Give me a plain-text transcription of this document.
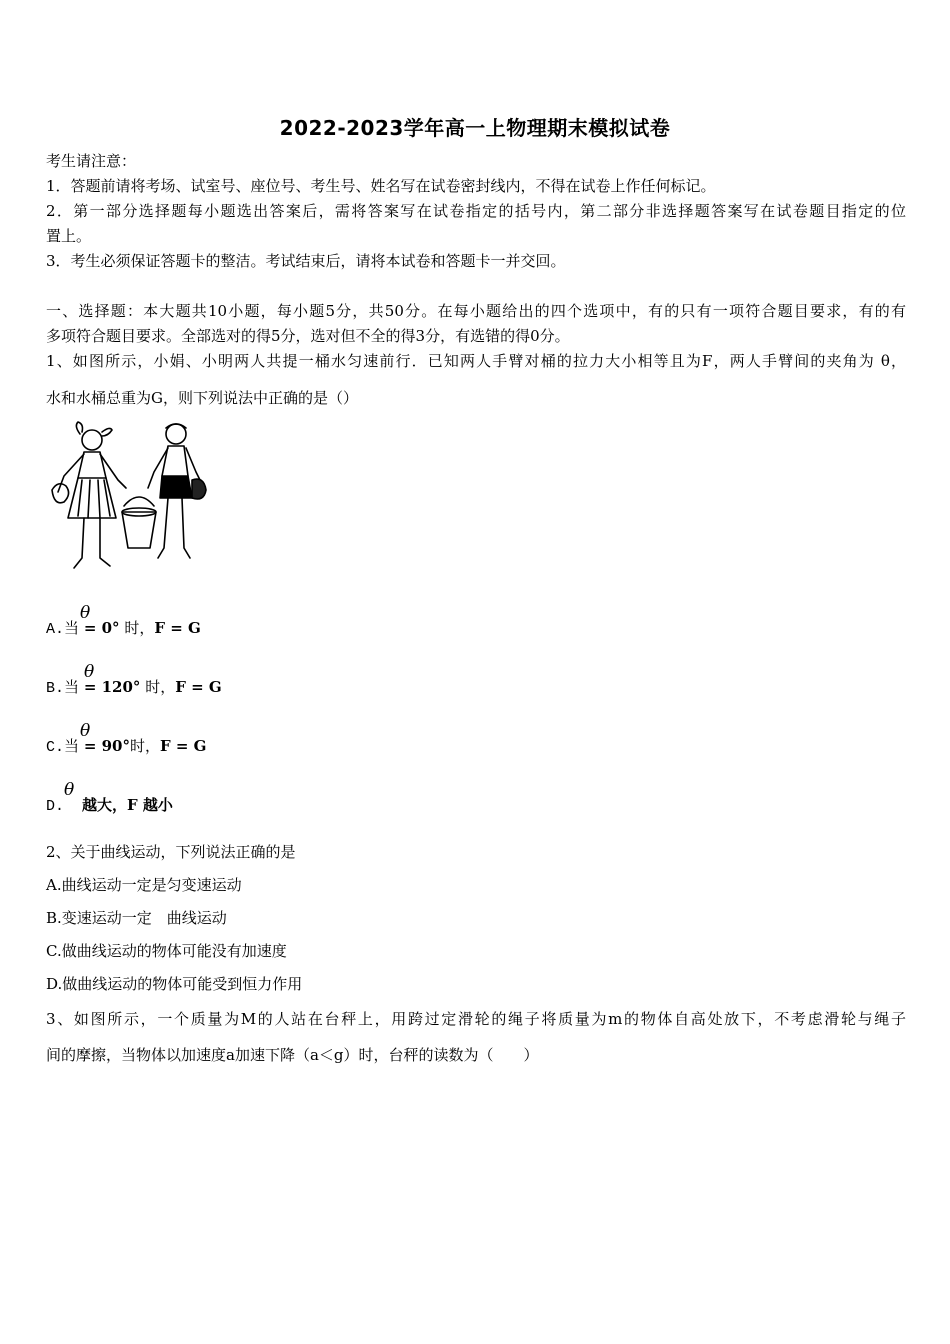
2022-2023学年高一上物理期末模拟试卷
考生请注意：
1．答题前请将考场、试室号、座位号、考生号、姓名写在试卷密封线内，不得在试卷上作任何标记。
2．第一部分选择题每小题选出答案后，需将答案写在试卷指定的括号内，第二部分非选择题答案写在试卷题目指定的位
置上。
3．考生必须保证答题卡的整洁。考试结束后，请将本试卷和答题卡一并交回。
一、选择题：本大题共10小题，每小题5分，共50分。在每小题给出的四个选项中，有的只有一项符合题目要求，有的有
多项符合题目要求。全部选对的得5分，选对但不全的得3分，有选错的得0分。
1、如图所示，小娟、小明两人共提一桶水匀速前行．已知两人手臂对桶的拉力大小相等且为F，两人手臂间的夹角为 θ，
水和水桶总重为G，则下列说法中正确的是（）
A.当 = 0° 时，F = G
θ
B.当 = 120° 时，F = G
θ
C.当 = 90°时，F = G
θ
D. 越大，F 越小
θ
2、关于曲线运动，下列说法正确的是
A.曲线运动一定是匀变速运动
B.变速运动一定　曲线运动
C.做曲线运动的物体可能没有加速度
D.做曲线运动的物体可能受到恒力作用
3、如图所示，一个质量为M的人站在台秤上，用跨过定滑轮的绳子将质量为m的物体自高处放下，不考虑滑轮与绳子
间的摩擦，当物体以加速度a加速下降（a＜g）时，台秤的读数为（　　）
